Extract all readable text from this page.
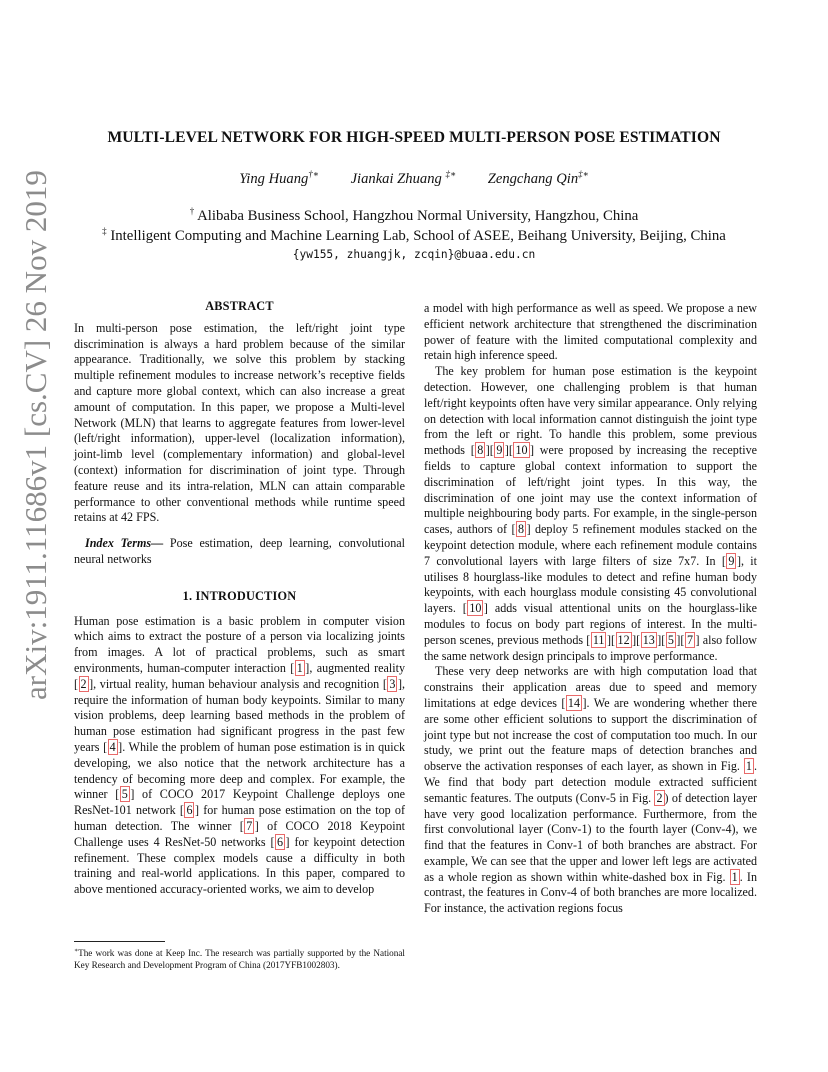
MULTI-LEVEL NETWORK FOR HIGH-SPEED MULTI-PERSON POSE ESTIMATION
Ying Huang†∗ Jiankai Zhuang ‡∗ Zengchang Qin‡∗
† Alibaba Business School, Hangzhou Normal University, Hangzhou, China
‡ Intelligent Computing and Machine Learning Lab, School of ASEE, Beihang University, Beijing, China
{yw155, zhuangjk, zcqin}@buaa.edu.cn
arXiv:1911.11686v1 [cs.CV] 26 Nov 2019	ABSTRACT

In multi-person pose estimation, the left/right joint type discrimination is always a hard problem because of the similar appearance. Traditionally, we solve this problem by stacking multiple refinement modules to increase network’s receptive fields and capture more global context, which can also increase a great amount of computation. In this paper, we propose a Multi-level Network (MLN) that learns to aggregate features from lower-level (left/right information), upper-level (localization information), joint-limb level (complementary information) and global-level (context) information for discrimination of joint type. Through feature reuse and its intra-relation, MLN can attain comparable performance to other conventional methods while runtime speed retains at 42 FPS.

Index Terms— Pose estimation, deep learning, convolutional neural networks

1. INTRODUCTION

Human pose estimation is a basic problem in computer vision which aims to extract the posture of a person via localizing joints from images. A lot of practical problems, such as smart environments, human-computer interaction [ 1 ], augmented reality [ 2 ], virtual reality, human behaviour analysis and recognition [ 3 ], require the information of human body keypoints. Similar to many vision problems, deep learning based methods in the problem of human pose estimation had significant progress in the past few years [ 4 ]. While the problem of human pose estimation is in quick developing, we also notice that the network architecture has a tendency of becoming more deep and complex. For example, the winner [ 5 ] of COCO 2017 Keypoint Challenge deploys one ResNet-101 network [ 6 ] for human pose estimation on the top of human detection. The winner [ 7 ] of COCO 2018 Keypoint Challenge uses 4 ResNet-50 networks [ 6 ] for keypoint detection refinement. These complex models cause a difficulty in both training and real-world applications. In this paper, compared to above mentioned accuracy-oriented works, we aim to develop

∗The work was done at Keep Inc. The research was partially supported by the National Key Research and Development Program of China (2017YFB1002803).

a model with high performance as well as speed. We propose a new efficient network architecture that strengthened the discrimination power of feature with the limited computational complexity and retain high inference speed.

The key problem for human pose estimation is the keypoint detection. However, one challenging problem is that human left/right keypoints often have very similar appearance. Only relying on detection with local information cannot distinguish the joint type from the left or right. To handle this problem, some previous methods [ 8 ][ 9 ][ 10 ] were proposed by increasing the receptive fields to capture global context information to support the discrimination of left/right joint types. In this way, the discrimination of one joint may use the context information of multiple neighbouring body parts. For example, in the single-person cases, authors of [ 8 ] deploy 5 refinement modules stacked on the keypoint detection module, where each refinement module contains 7 convolutional layers with large filters of size 7x7. In [ 9 ], it utilises 8 hourglass-like modules to detect and refine human body keypoints, with each hourglass module consisting 45 convolutional layers. [ 10 ] adds visual attentional units on the hourglass-like modules to focus on body part regions of interest. In the multi-person scenes, previous methods [ 11 ][ 12 ][ 13 ][ 5 ][ 7 ] also follow the same network design principals to improve performance.

These very deep networks are with high computation load that constrains their application areas due to speed and memory limitations at edge devices [ 14 ]. We are wondering whether there are some other efficient solutions to support the discrimination of joint type but not increase the cost of computation too much. In our study, we print out the feature maps of detection branches and observe the activation responses of each layer, as shown in Fig. 1 . We find that body part detection module extracted sufficient semantic features. The outputs (Conv-5 in Fig. 2 ) of detection layer have very good localization performance. Furthermore, from the first convolutional layer (Conv-1) to the fourth layer (Conv-4), we find that the features in Conv-1 of both branches are abstract. For example, We can see that the upper and lower left legs are activated as a whole region as shown within white-dashed box in Fig. 1 . In contrast, the features in Conv-4 of both branches are more localized. For instance, the activation regions focus
